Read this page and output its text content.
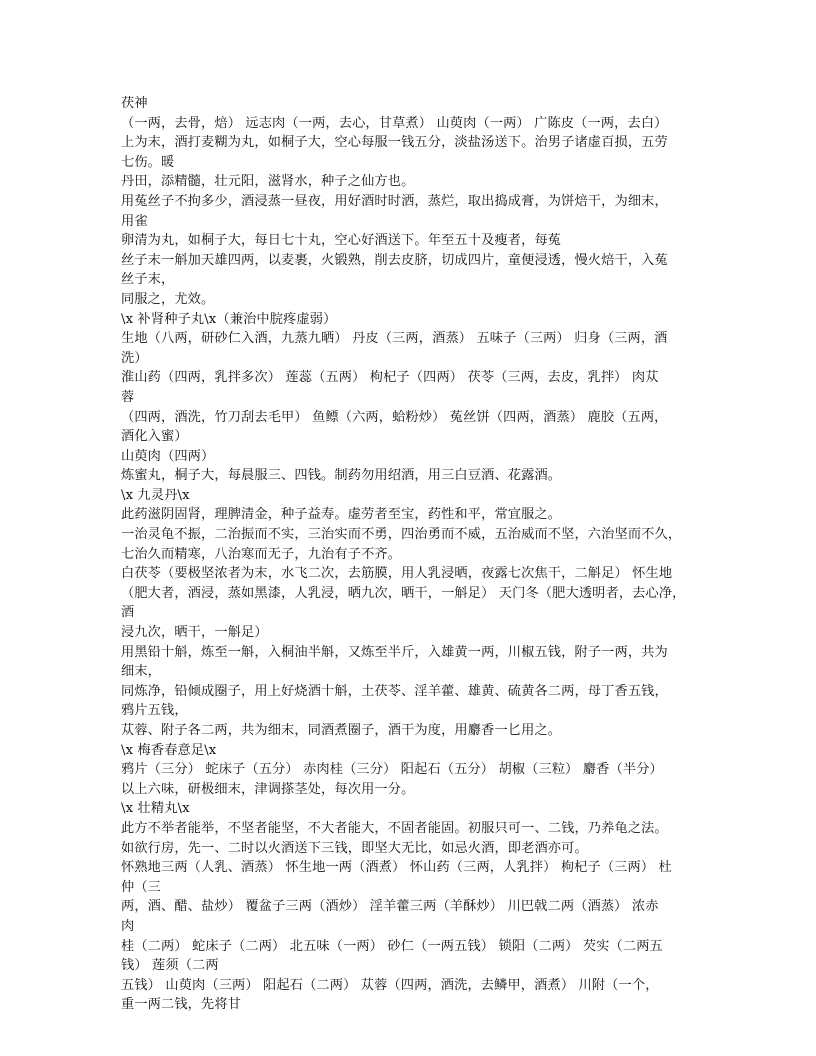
茯神
（一两，去骨，焙） 远志肉（一两，去心，甘草煮） 山萸肉（一两） 广陈皮（一两，去白）
上为末，酒打麦糊为丸，如桐子大，空心每服一钱五分，淡盐汤送下。治男子诸虚百损，五劳
七伤。暖
丹田，添精髓，壮元阳，滋肾水，种子之仙方也。
用菟丝子不拘多少，酒浸蒸一昼夜，用好酒时时洒，蒸烂，取出捣成膏，为饼焙干，为细末，
用雀
卵清为丸，如桐子大，每日七十丸，空心好酒送下。年至五十及瘦者，每菟
丝子末一斛加天雄四两，以麦裹，火锻熟，削去皮脐，切成四片，童便浸透，慢火焙干，入菟
丝子末，
同服之，尤效。
\x 补肾种子丸\x（兼治中脘疼虚弱）
生地（八两，研砂仁入酒，九蒸九晒） 丹皮（三两，酒蒸） 五味子（三两） 归身（三两，酒
洗）
淮山药（四两，乳拌多次） 莲蕊（五两） 枸杞子（四两） 茯苓（三两，去皮，乳拌） 肉苁
蓉
（四两，酒洗，竹刀刮去毛甲） 鱼鳔（六两，蛤粉炒） 菟丝饼（四两，酒蒸） 鹿胶（五两，
酒化入蜜）
山萸肉（四两）
炼蜜丸，桐子大，每晨服三、四钱。制药勿用绍酒，用三白豆酒、花露酒。
\x 九灵丹\x
此药滋阴固肾，理脾清金，种子益寿。虚劳者至宝，药性和平，常宜服之。
一治灵龟不振，二治振而不实，三治实而不勇，四治勇而不威，五治威而不坚，六治坚而不久，
七治久而精寒，八治寒而无子，九治有子不齐。
白茯苓（要极坚浓者为末，水飞二次，去筋膜，用人乳浸晒，夜露七次焦干，二斛足） 怀生地
（肥大者，酒浸，蒸如黑漆，人乳浸，晒九次，晒干，一斛足） 天门冬（肥大透明者，去心净，
酒
浸九次，晒干，一斛足）
用黑铅十斛，炼至一斛，入桐油半斛，又炼至半斤，入雄黄一两，川椒五钱，附子一两，共为
细末，
同炼净，铅倾成圈子，用上好烧酒十斛，土茯苓、淫羊藿、雄黄、硫黄各二两，母丁香五钱，
鸦片五钱，
苁蓉、附子各二两，共为细末，同酒煮圈子，酒干为度，用麝香一匕用之。
\x 梅香春意足\x
鸦片（三分） 蛇床子（五分） 赤肉桂（三分） 阳起石（五分） 胡椒（三粒） 麝香（半分）
以上六味，研极细末，津调搽茎处，每次用一分。
\x 壮精丸\x
此方不举者能举，不坚者能坚，不大者能大，不固者能固。初服只可一、二钱，乃养龟之法。
如欲行房，先一、二时以火酒送下三钱，即坚大无比，如忌火酒，即老酒亦可。
怀熟地三两（人乳、酒蒸） 怀生地一两（酒煮） 怀山药（三两，人乳拌） 枸杞子（三两） 杜
仲（三
两，酒、醋、盐炒） 覆盆子三两（酒炒） 淫羊藿三两（羊酥炒） 川巴戟二两（酒蒸） 浓赤
肉
桂（二两） 蛇床子（二两） 北五味（一两） 砂仁（一两五钱） 锁阳（二两） 芡实（二两五
钱） 莲须（二两
五钱） 山萸肉（三两） 阳起石（二两） 苁蓉（四两，酒洗，去鳞甲，酒煮） 川附（一个，
重一两二钱，先将甘
